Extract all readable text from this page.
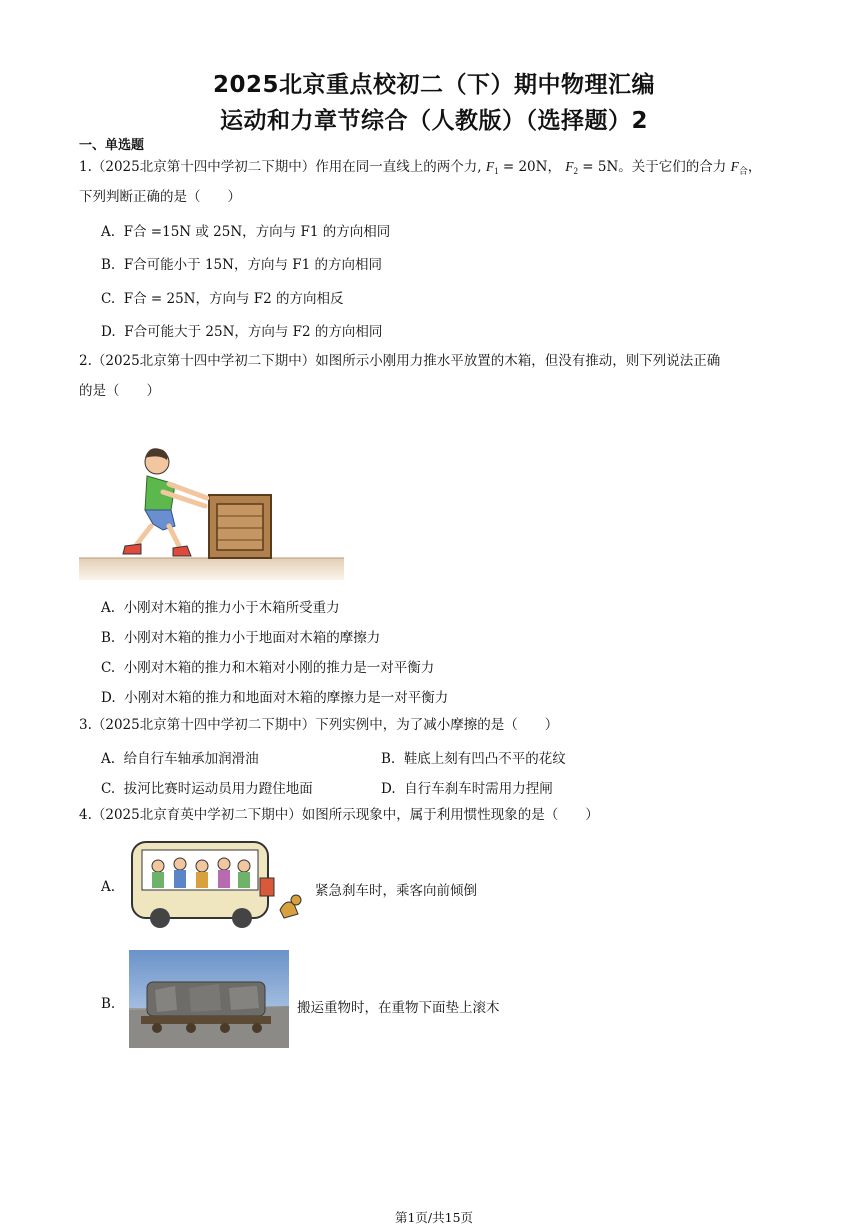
2025北京重点校初二（下）期中物理汇编
运动和力章节综合（人教版）（选择题）2
一、单选题
1.（2025北京第十四中学初二下期中）作用在同一直线上的两个力, $F_1 = 20N$， $F_2 = 5N$。关于它们的合力 $F_合$，
下列判断正确的是（　　）
A. F合 =15N 或 25N，方向与 F1 的方向相同
B. F合可能小于 15N，方向与 F1 的方向相同
C. F合 = 25N，方向与 F2 的方向相反
D. F合可能大于 25N，方向与 F2 的方向相同
2.（2025北京第十四中学初二下期中）如图所示小刚用力推水平放置的木箱，但没有推动，则下列说法正确
的是（　　）
A. 小刚对木箱的推力小于木箱所受重力
B. 小刚对木箱的推力小于地面对木箱的摩擦力
C. 小刚对木箱的推力和木箱对小刚的推力是一对平衡力
D. 小刚对木箱的推力和地面对木箱的摩擦力是一对平衡力
3.（2025北京第十四中学初二下期中）下列实例中，为了减小摩擦的是（　　）
A. 给自行车轴承加润滑油	B. 鞋底上刻有凹凸不平的花纹
C. 拔河比赛时运动员用力蹬住地面	D. 自行车刹车时需用力捏闸
4.（2025北京育英中学初二下期中）如图所示现象中，属于利用惯性现象的是（　　）
A.	紧急刹车时，乘客向前倾倒
B.	搬运重物时，在重物下面垫上滚木
第1页/共15页
